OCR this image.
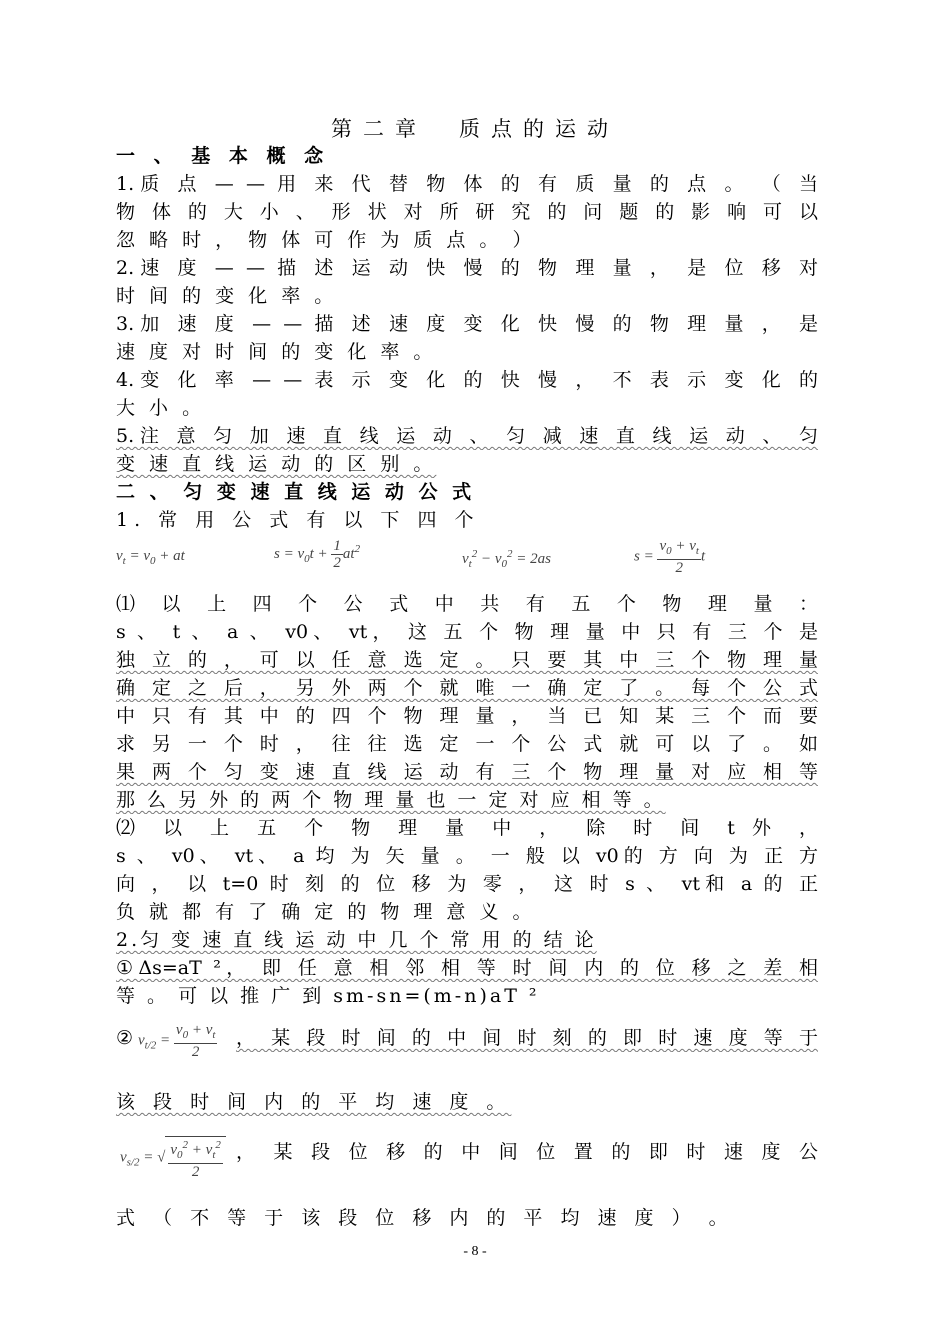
第二章　质点的运动
一 、 基 本 概 念
1.质 点 — — 用 来 代 替 物 体 的 有 质 量 的 点 。 （ 当
物 体 的 大 小 、 形 状 对 所 研 究 的 问 题 的 影 响 可 以
忽 略 时 ， 物 体 可 作 为 质 点 。 ）
2.速 度 — — 描 述 运 动 快 慢 的 物 理 量 ， 是 位 移 对
时 间 的 变 化 率 。
3.加 速 度 — — 描 述 速 度 变 化 快 慢 的 物 理 量 ， 是
速 度 对 时 间 的 变 化 率 。
4.变 化 率 — — 表 示 变 化 的 快 慢 ， 不 表 示 变 化 的
大 小 。
5.注 意 匀 加 速 直 线 运 动 、 匀 减 速 直 线 运 动 、 匀
变 速 直 线 运 动 的 区 别 。
二 、 匀 变 速 直 线 运 动 公 式
1. 常 用 公 式 有 以 下 四 个
$v_t = v_0$ + at	$s = v_0t + \frac{1}{2} at^2$
$v_t^2 - v_0^2 = 2as$	$s = \frac{v_0 + v_t}{2}$ t
⑴ 以 上 四 个 公 式 中 共 有 五 个 物 理 量 ：
s 、 t 、 a 、 v0、 vt， 这 五 个 物 理 量 中 只 有 三 个 是
独 立 的 ， 可 以 任 意 选 定 。 只 要 其 中 三 个 物 理 量
确 定 之 后 ， 另 外 两 个 就 唯 一 确 定 了 。 每 个 公 式
中 只 有 其 中 的 四 个 物 理 量 ， 当 已 知 某 三 个 而 要
求 另 一 个 时 ， 往 往 选 定 一 个 公 式 就 可 以 了 。 如
果 两 个 匀 变 速 直 线 运 动 有 三 个 物 理 量 对 应 相 等
那 么 另 外 的 两 个 物 理 量 也 一 定 对 应 相 等 。
⑵ 以 上 五 个 物 理 量 中 ， 除 时 间 t 外 ，
s 、 v0、 vt、 a 均 为 矢 量 。 一 般 以 v0的 方 向 为 正 方
向 ， 以 t=0 时 刻 的 位 移 为 零 ， 这 时 s 、 vt和 a 的 正
负 就 都 有 了 确 定 的 物 理 意 义 。
2.匀 变 速 直 线 运 动 中 几 个 常 用 的 结 论
①Δs=aT ²， 即 任 意 相 邻 相 等 时 间 内 的 位 移 之 差 相
等 。 可 以 推 广 到 sm-sn=(m-n)aT ²
② $v_{t/2} = \frac{v_0 + v_t}{2}$ ， 某 段 时 间 的 中 间 时 刻 的 即 时 速 度 等 于
该 段 时 间 内 的 平 均 速 度 。
$v_{s/2}$ = √ $\frac{v_0^2 + v_t^2}{2}$ ， 某 段 位 移 的 中 间 位 置 的 即 时 速 度 公
式 （ 不 等 于 该 段 位 移 内 的 平 均 速 度 ） 。
- 8 -
